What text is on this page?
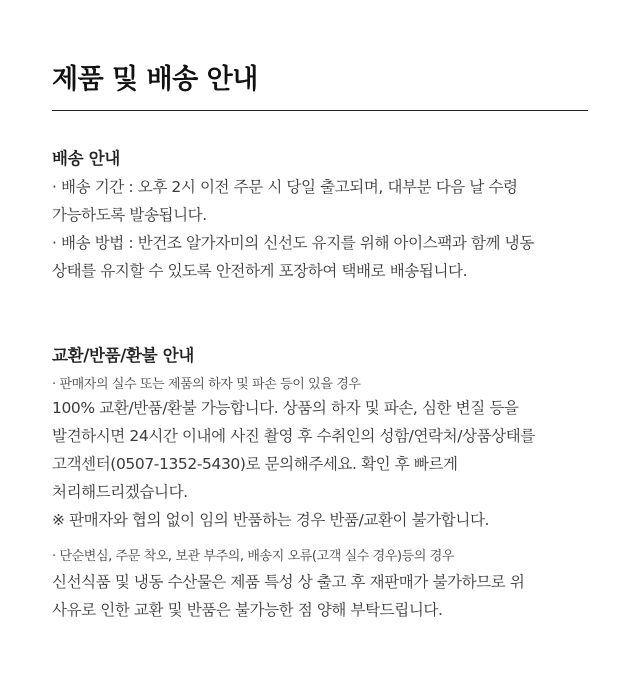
제품 및 배송 안내
배송 안내

· 배송 기간 : 오후 2시 이전 주문 시 당일 출고되며, 대부분 다음 날 수령

가능하도록 발송됩니다.

· 배송 방법 : 반건조 알가자미의 신선도 유지를 위해 아이스팩과 함께 냉동

상태를 유지할 수 있도록 안전하게 포장하여 택배로 배송됩니다.

교환/반품/환불 안내

· 판매자의 실수 또는 제품의 하자 및 파손 등이 있을 경우

100% 교환/반품/환불 가능합니다. 상품의 하자 및 파손, 심한 변질 등을

발견하시면 24시간 이내에 사진 촬영 후 수취인의 성함/연락처/상품상태를

고객센터(0507-1352-5430)로 문의해주세요. 확인 후 빠르게

처리해드리겠습니다.

※ 판매자와 협의 없이 임의 반품하는 경우 반품/교환이 불가합니다.

· 단순변심, 주문 착오, 보관 부주의, 배송지 오류(고객 실수 경우)등의 경우

신선식품 및 냉동 수산물은 제품 특성 상 출고 후 재판매가 불가하므로 위

사유로 인한 교환 및 반품은 불가능한 점 양해 부탁드립니다.
